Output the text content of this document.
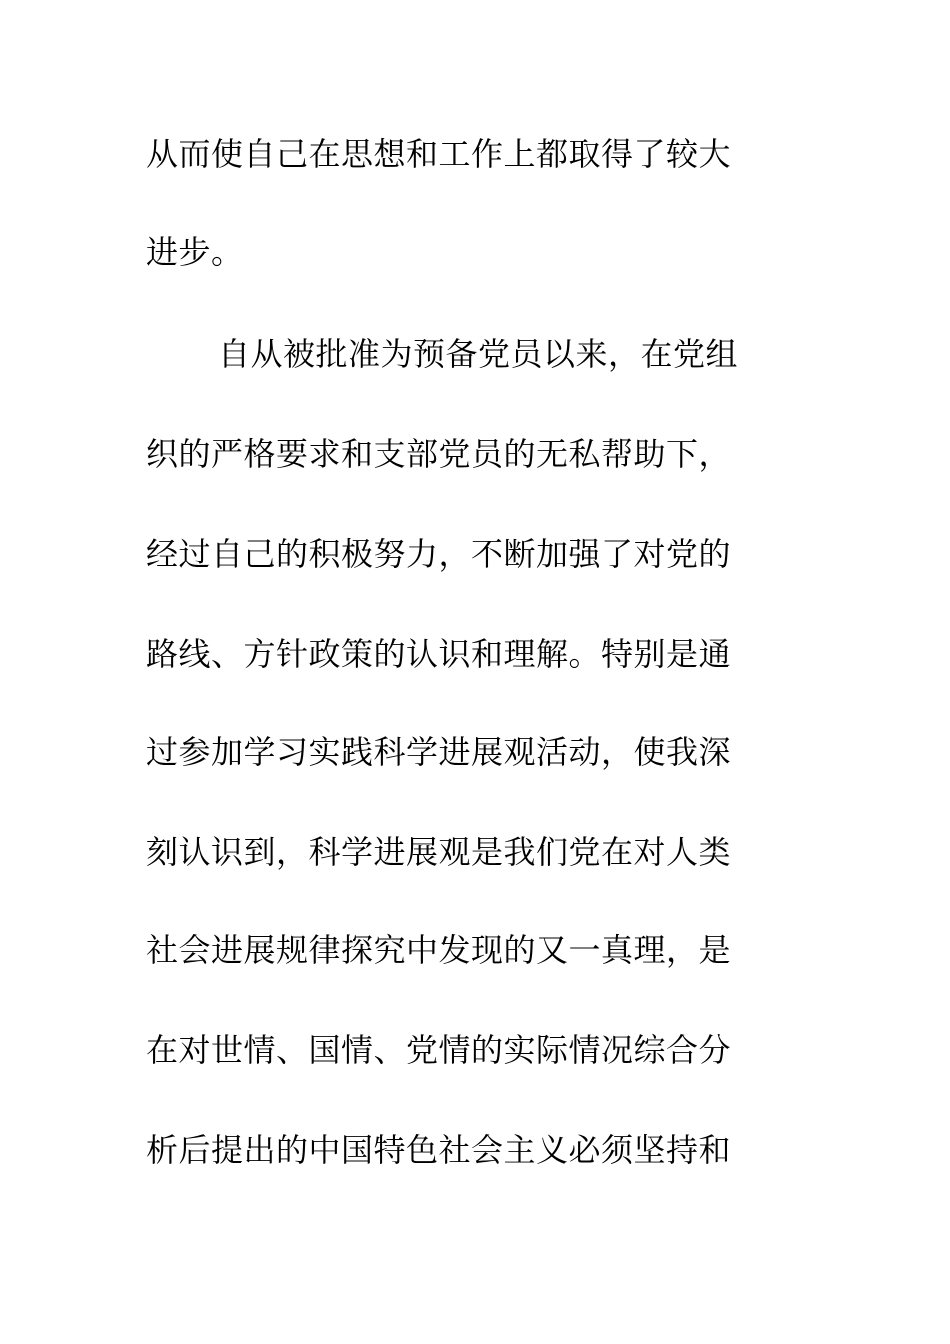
从而使自己在思想和工作上都取得了较大
进步。
自从被批准为预备党员以来，在党组
织的严格要求和支部党员的无私帮助下，
经过自己的积极努力，不断加强了对党的
路线、方针政策的认识和理解。特别是通
过参加学习实践科学进展观活动，使我深
刻认识到，科学进展观是我们党在对人类
社会进展规律探究中发现的又一真理，是
在对世情、国情、党情的实际情况综合分
析后提出的中国特色社会主义必须坚持和
